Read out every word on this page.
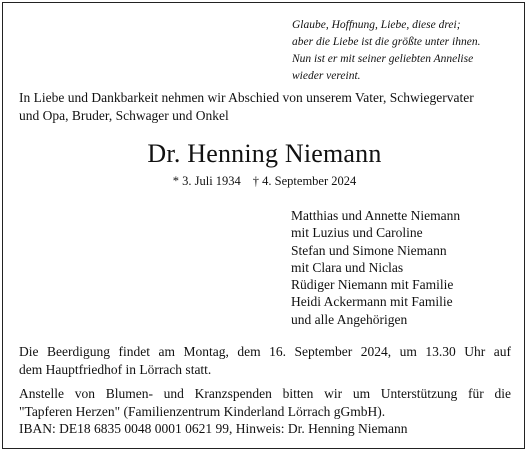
Glaube, Hoffnung, Liebe, diese drei;
aber die Liebe ist die größte unter ihnen.
Nun ist er mit seiner geliebten Annelise
wieder vereint.
In Liebe und Dankbarkeit nehmen wir Abschied von unserem Vater, Schwiegervater
und Opa, Bruder, Schwager und Onkel
Dr. Henning Niemann
* 3. Juli 1934 † 4. September 2024
Matthias und Annette Niemann
mit Luzius und Caroline
Stefan und Simone Niemann
mit Clara und Niclas
Rüdiger Niemann mit Familie
Heidi Ackermann mit Familie
und alle Angehörigen
Die Beerdigung findet am Montag, dem 16. September 2024, um 13.30 Uhr auf
dem Hauptfriedhof in Lörrach statt.
Anstelle von Blumen- und Kranzspenden bitten wir um Unterstützung für die
"Tapferen Herzen" (Familienzentrum Kinderland Lörrach gGmbH).
IBAN: DE18 6835 0048 0001 0621 99, Hinweis: Dr. Henning Niemann
